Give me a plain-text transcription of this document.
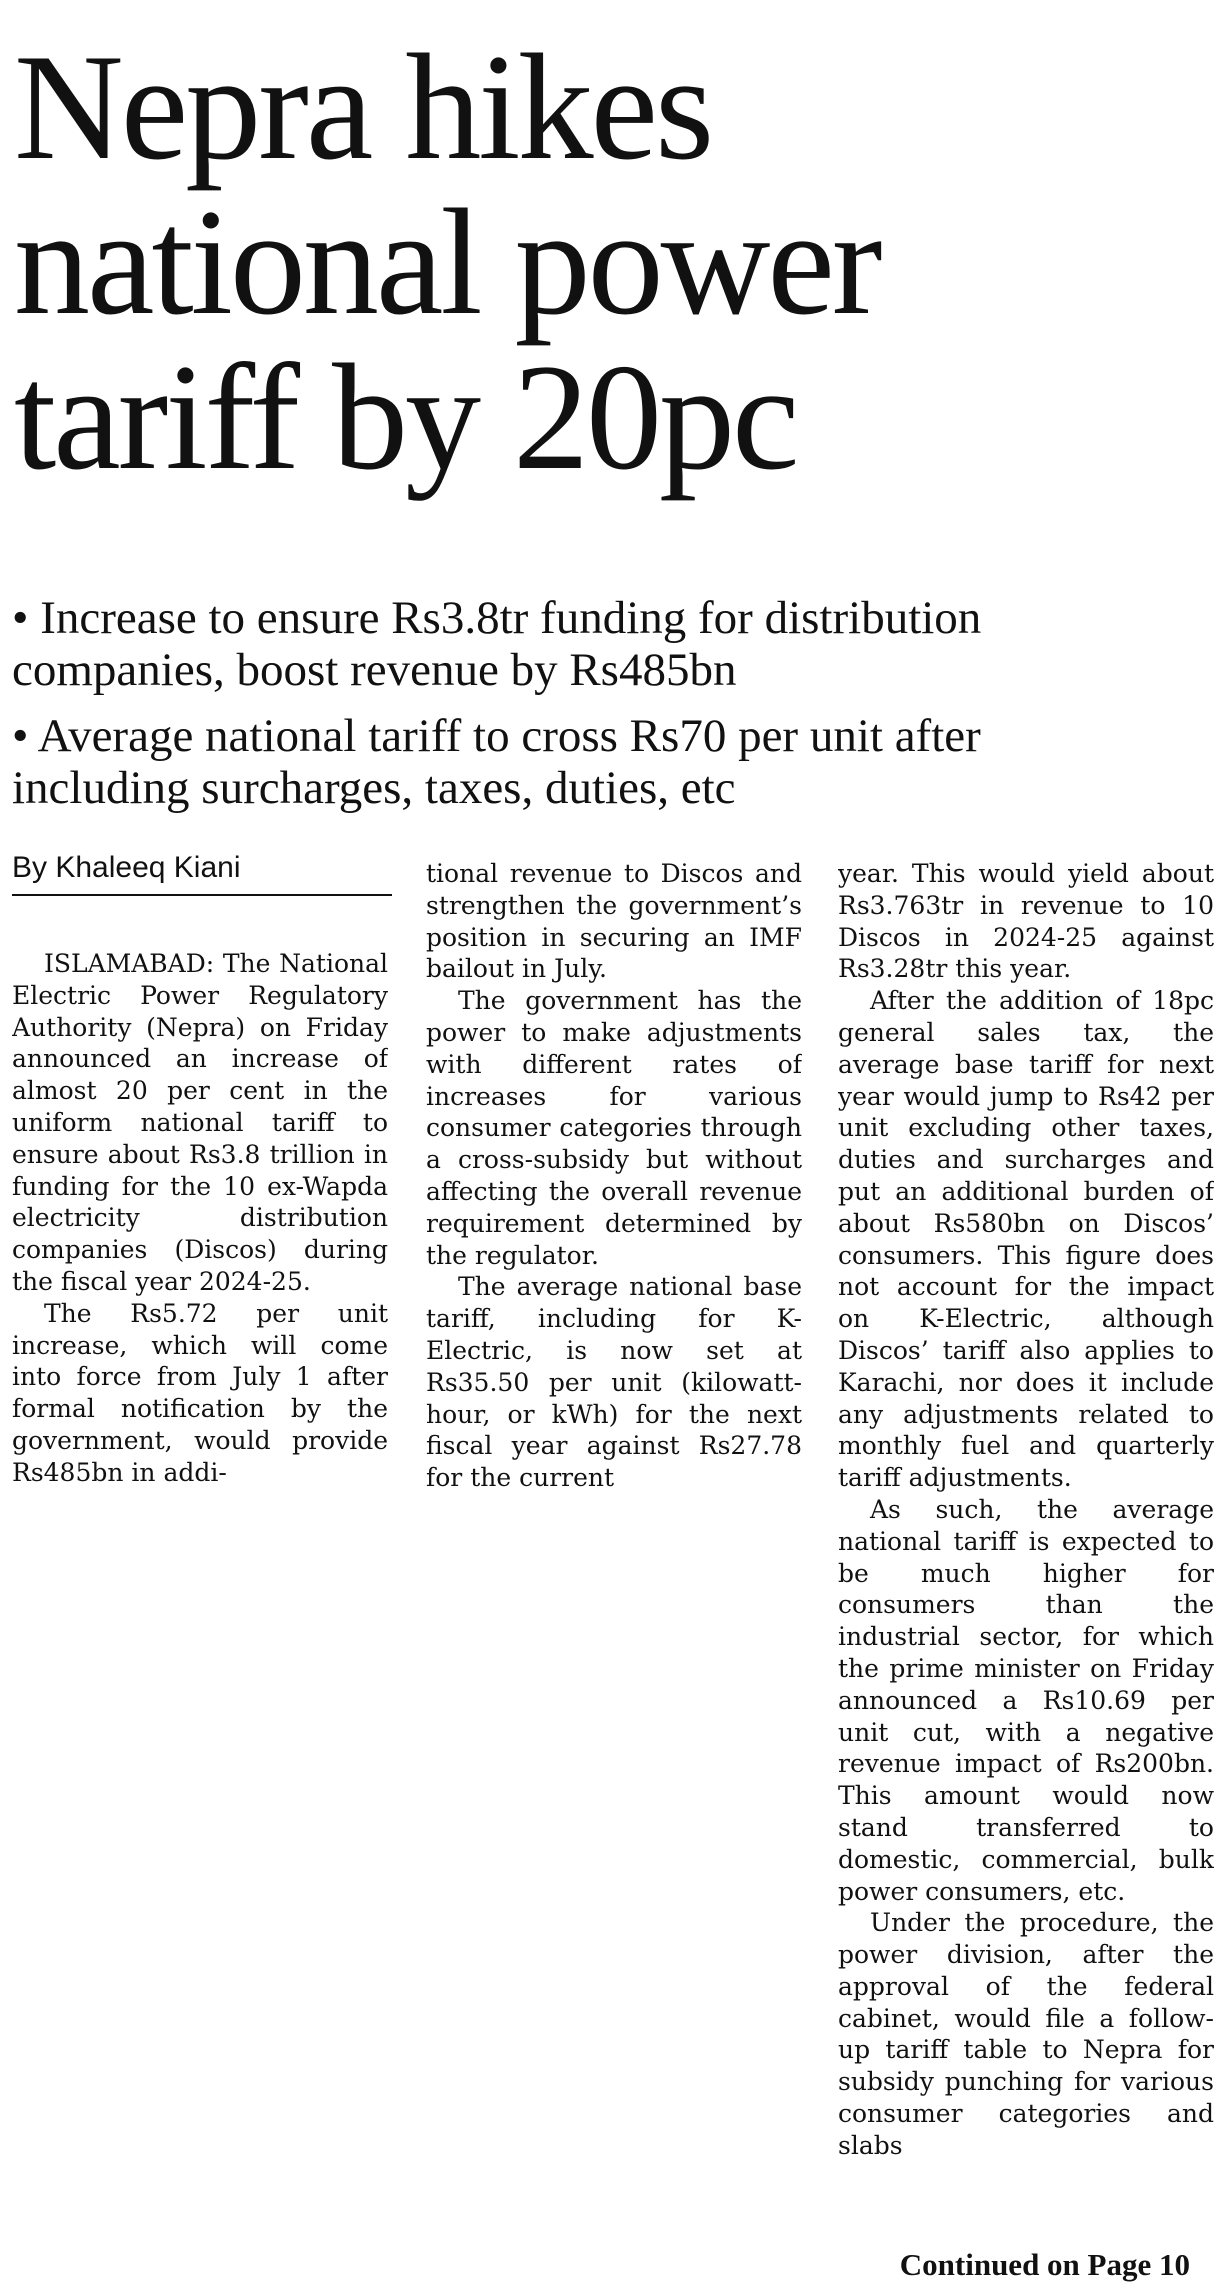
Nepra hikes
national power
tariff by 20pc
• Increase to ensure Rs3.8tr funding for distribution
companies, boost revenue by Rs485bn
• Average national tariff to cross Rs70 per unit after
including surcharges, taxes, duties, etc
By Khaleeq Kiani

ISLAMABAD: The National Electric Power Regulatory Authority (Nepra) on Friday announced an increase of almost 20 per cent in the uniform national tariff to ensure about Rs3.8 trillion in funding for the 10 ex-Wapda electricity distribution companies (Discos) during the fiscal year 2024-25.

The Rs5.72 per unit increase, which will come into force from July 1 after formal notification by the government, would provide Rs485bn in addi-

tional revenue to Discos and strengthen the government’s position in securing an IMF bailout in July.

The government has the power to make adjustments with different rates of increases for various consumer categories through a cross-subsidy but without affecting the overall revenue requirement determined by the regulator.

The average national base tariff, including for K-Electric, is now set at Rs35.50 per unit (kilowatt-hour, or kWh) for the next fiscal year against Rs27.78 for the current

year. This would yield about Rs3.763tr in revenue to 10 Discos in 2024-25 against Rs3.28tr this year.

After the addition of 18pc general sales tax, the average base tariff for next year would jump to Rs42 per unit excluding other taxes, duties and surcharges and put an additional burden of about Rs580bn on Discos’ consumers. This figure does not account for the impact on K-Electric, although Discos’ tariff also applies to Karachi, nor does it include any adjustments related to monthly fuel and quarterly tariff adjustments.

As such, the average national tariff is expected to be much higher for consumers than the industrial sector, for which the prime minister on Friday announced a Rs10.69 per unit cut, with a negative revenue impact of Rs200bn. This amount would now stand transferred to domestic, commercial, bulk power consumers, etc.

Under the procedure, the power division, after the approval of the federal cabinet, would file a follow-up tariff table to Nepra for subsidy punching for various consumer categories and slabs

Continued on Page 10
